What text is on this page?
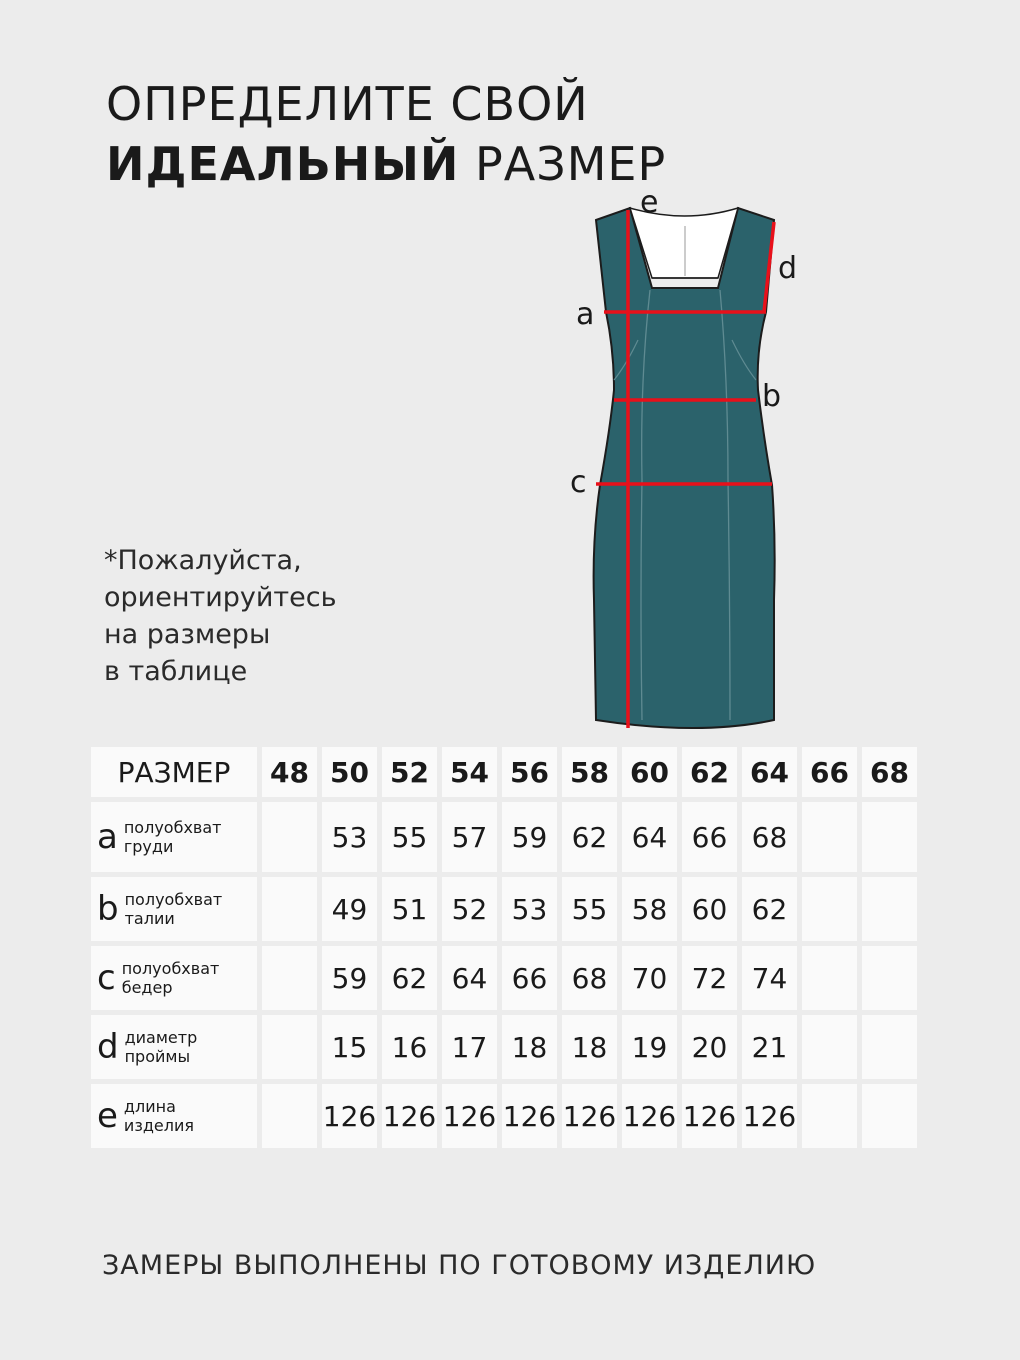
ОПРЕДЕЛИТЕ СВОЙ
ИДЕАЛЬНЫЙ РАЗМЕР
*Пожалуйста,
ориентируйтесь
на размеры
в таблице
e
d
a
b
c
РАЗМЕР	48	50	52	54	56	58	60	62	64	66	68

a полуобхват
груди		53	55	57	59	62	64	66	68		

b полуобхват
талии		49	51	52	53	55	58	60	62		

c полуобхват
бедер		59	62	64	66	68	70	72	74		

d диаметр
проймы		15	16	17	18	18	19	20	21		

e длина
изделия		126	126	126	126	126	126	126	126		
ЗАМЕРЫ ВЫПОЛНЕНЫ ПО ГОТОВОМУ ИЗДЕЛИЮ
